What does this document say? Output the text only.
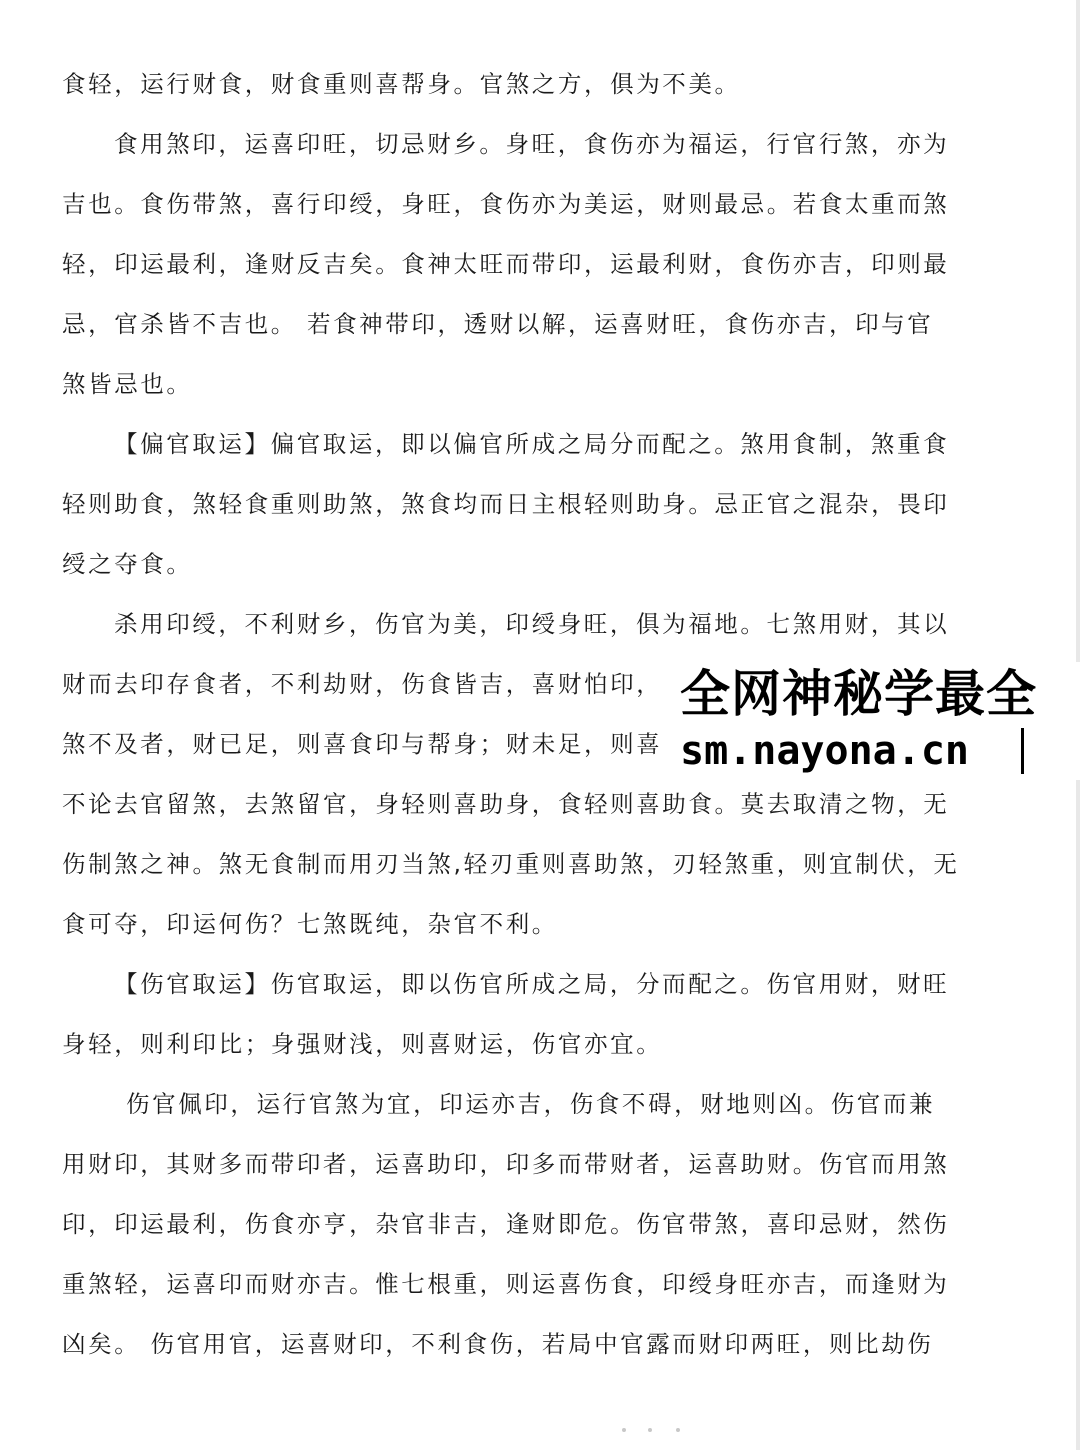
食轻，运行财食，财食重则喜帮身。官煞之方，俱为不美。
食用煞印，运喜印旺，切忌财乡。身旺，食伤亦为福运，行官行煞，亦为
吉也。食伤带煞，喜行印绶，身旺，食伤亦为美运，财则最忌。若食太重而煞
轻，印运最利，逢财反吉矣。食神太旺而带印，运最利财，食伤亦吉，印则最
忌，官杀皆不吉也。 若食神带印，透财以解，运喜财旺，食伤亦吉，印与官
煞皆忌也。
【偏官取运】偏官取运，即以偏官所成之局分而配之。煞用食制，煞重食
轻则助食，煞轻食重则助煞，煞食均而日主根轻则助身。忌正官之混杂，畏印
绶之夺食。
杀用印绶，不利财乡，伤官为美，印绶身旺，俱为福地。七煞用财，其以
财而去印存食者，不利劫财，伤食皆吉，喜财怕印，
煞不及者，财已足，则喜食印与帮身；财未足，则喜
不论去官留煞，去煞留官，身轻则喜助身，食轻则喜助食。莫去取清之物，无
伤制煞之神。煞无食制而用刃当煞,轻刃重则喜助煞，刃轻煞重，则宜制伏，无
食可夺，印运何伤？七煞既纯，杂官不利。
【伤官取运】伤官取运，即以伤官所成之局，分而配之。伤官用财，财旺
身轻，则利印比；身强财浅，则喜财运，伤官亦宜。
伤官佩印，运行官煞为宜，印运亦吉，伤食不碍，财地则凶。伤官而兼
用财印，其财多而带印者，运喜助印，印多而带财者，运喜助财。伤官而用煞
印，印运最利，伤食亦亨，杂官非吉，逢财即危。伤官带煞，喜印忌财，然伤
重煞轻，运喜印而财亦吉。惟七根重，则运喜伤食，印绶身旺亦吉，而逢财为
凶矣。 伤官用官，运喜财印，不利食伤，若局中官露而财印两旺，则比劫伤
全网神秘学最全
sm.nayona.cn
